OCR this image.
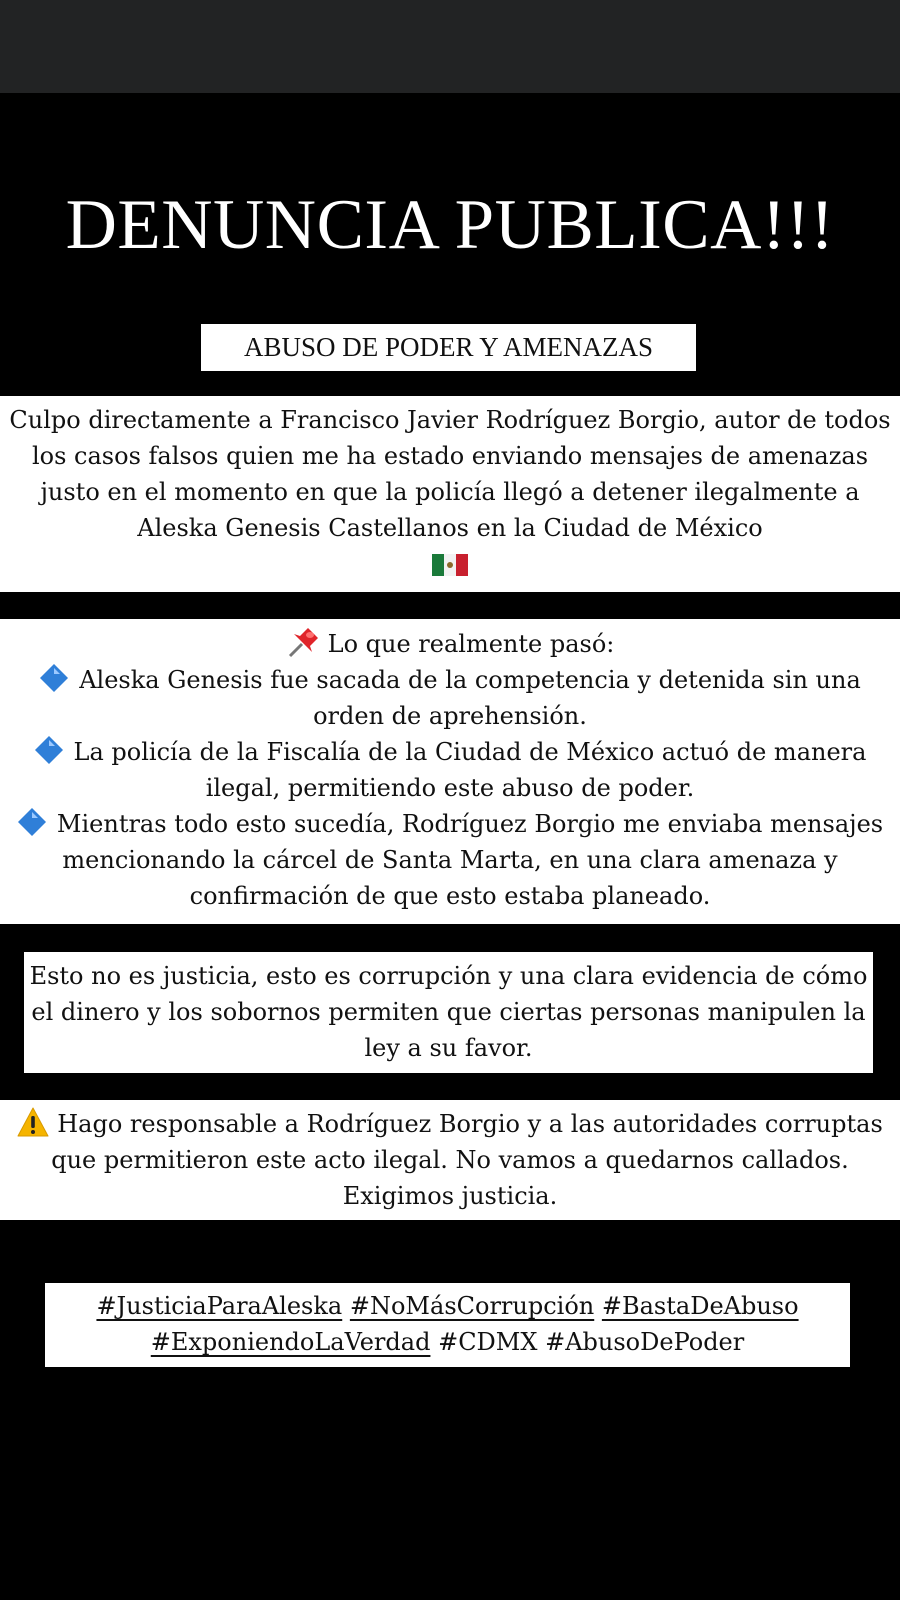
DENUNCIA PUBLICA!!!
ABUSO DE PODER Y AMENAZAS
Culpo directamente a Francisco Javier Rodríguez Borgio, autor de todos los casos falsos quien me ha estado enviando mensajes de amenazas justo en el momento en que la policía llegó a detener ilegalmente a Aleska Genesis Castellanos en la Ciudad de México
Lo que realmente pasó:
Aleska Genesis fue sacada de la competencia y detenida sin una orden de aprehensión.
La policía de la Fiscalía de la Ciudad de México actuó de manera ilegal, permitiendo este abuso de poder.
Mientras todo esto sucedía, Rodríguez Borgio me enviaba mensajes mencionando la cárcel de Santa Marta, en una clara amenaza y confirmación de que esto estaba planeado.
Esto no es justicia, esto es corrupción y una clara evidencia de cómo el dinero y los sobornos permiten que ciertas personas manipulen la ley a su favor.
Hago responsable a Rodríguez Borgio y a las autoridades corruptas que permitieron este acto ilegal. No vamos a quedarnos callados. Exigimos justicia.
#JusticiaParaAleska #NoMásCorrupción #BastaDeAbuso
#ExponiendoLaVerdad #CDMX #AbusoDePoder
